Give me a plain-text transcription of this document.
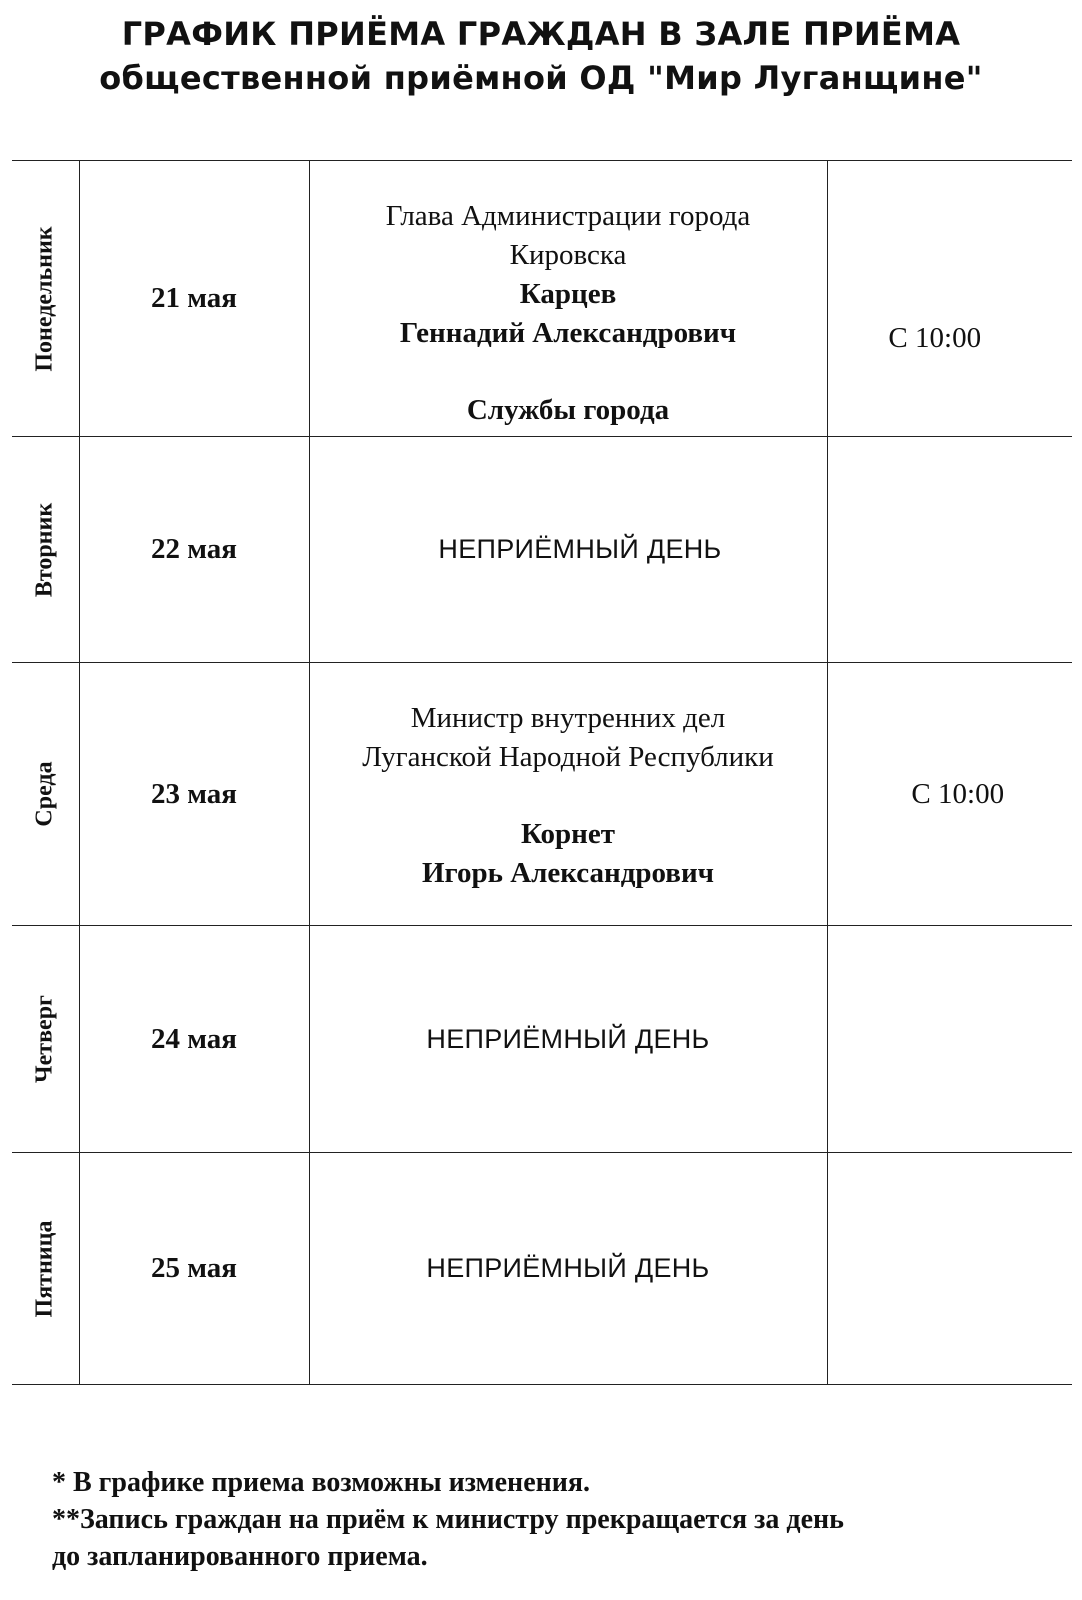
ГРАФИК ПРИЁМА ГРАЖДАН В ЗАЛЕ ПРИЁМА
общественной приёмной ОД "Мир Луганщине"
Понедельник	21 мая	Глава Администрации города
Кировска
Карцев
Геннадий Александрович
Службы города	С 10:00

Вторник	22 мая	НЕПРИЁМНЫЙ ДЕНЬ	

Среда	23 мая	Министр внутренних дел
Луганской Народной Республики
Корнет
Игорь Александрович	С 10:00

Четверг	24 мая	НЕПРИЁМНЫЙ ДЕНЬ	

Пятница	25 мая	НЕПРИЁМНЫЙ ДЕНЬ	
* В графике приема возможны изменения.
**Запись граждан на приём к министру прекращается за день
до запланированного приема.
